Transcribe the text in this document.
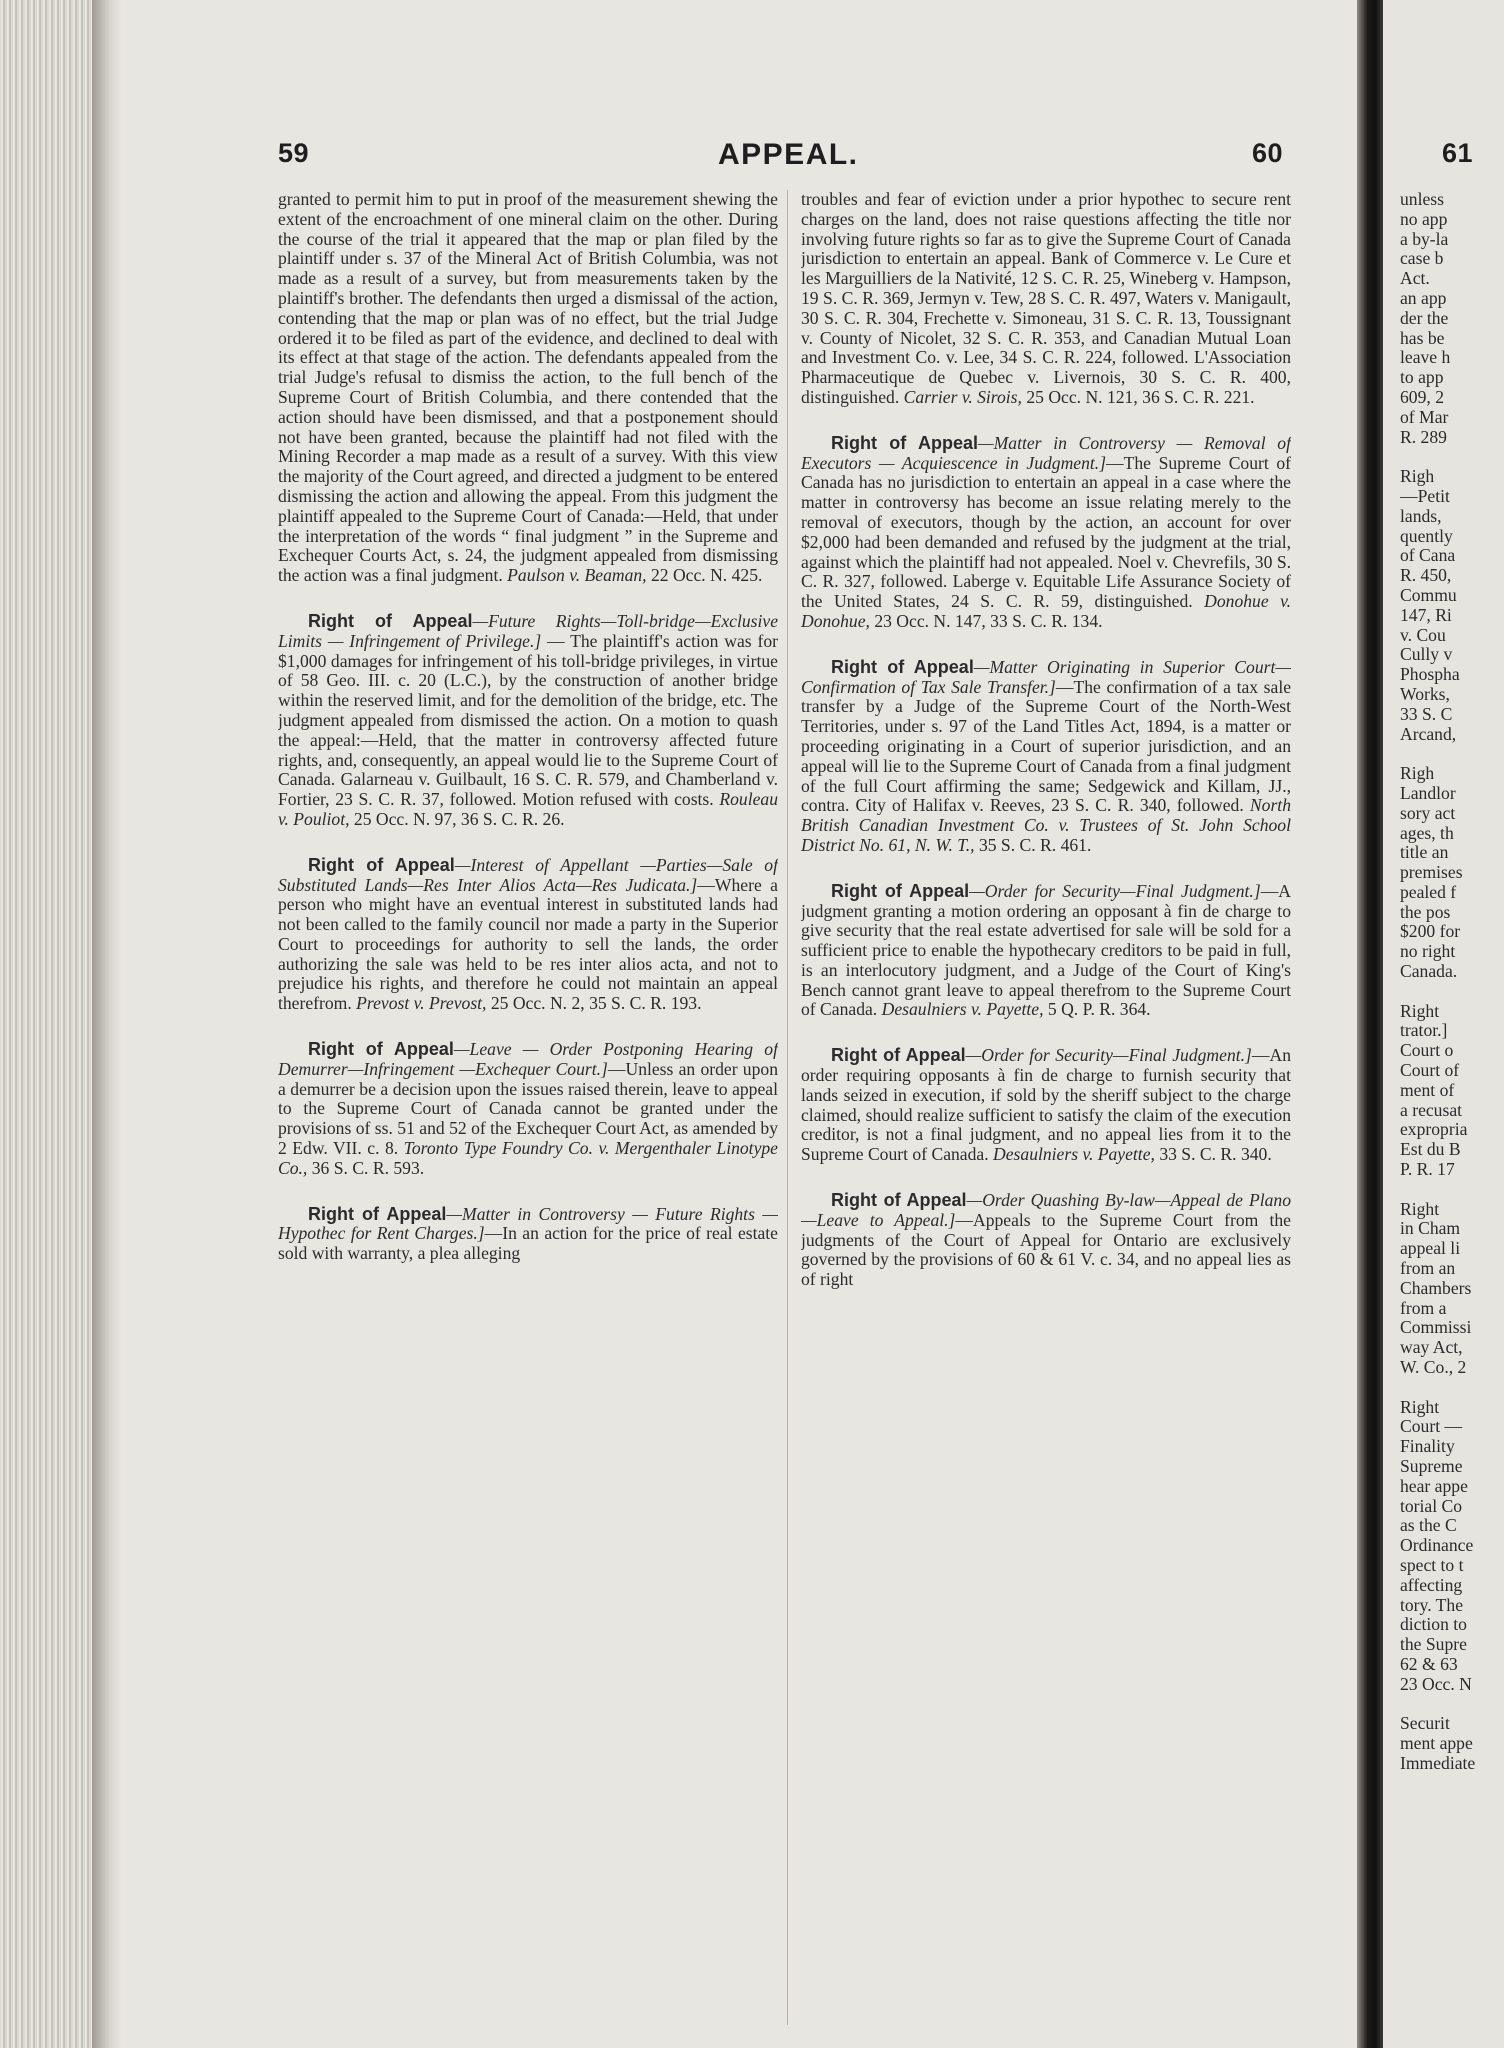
59	APPEAL.	60	61

granted to permit him to put in proof of the measurement shewing the extent of the encroachment of one mineral claim on the other. During the course of the trial it appeared that the map or plan filed by the plaintiff under s. 37 of the Mineral Act of British Columbia, was not made as a result of a survey, but from measurements taken by the plaintiff's brother. The defendants then urged a dismissal of the action, contending that the map or plan was of no effect, but the trial Judge ordered it to be filed as part of the evidence, and declined to deal with its effect at that stage of the action. The defendants appealed from the trial Judge's refusal to dismiss the action, to the full bench of the Supreme Court of British Columbia, and there contended that the action should have been dismissed, and that a postponement should not have been granted, because the plaintiff had not filed with the Mining Recorder a map made as a result of a survey. With this view the majority of the Court agreed, and directed a judgment to be entered dismissing the action and allowing the appeal. From this judgment the plaintiff appealed to the Supreme Court of Canada:—Held, that under the interpretation of the words “ final judgment ” in the Supreme and Exchequer Courts Act, s. 24, the judgment appealed from dismissing the action was a final judgment. Paulson v. Beaman, 22 Occ. N. 425.

Right of Appeal—Future Rights—Toll-bridge—Exclusive Limits — Infringement of Privilege.] — The plaintiff's action was for $1,000 damages for infringement of his toll-bridge privileges, in virtue of 58 Geo. III. c. 20 (L.C.), by the construction of another bridge within the reserved limit, and for the demolition of the bridge, etc. The judgment appealed from dismissed the action. On a motion to quash the appeal:—Held, that the matter in controversy affected future rights, and, consequently, an appeal would lie to the Supreme Court of Canada. Galarneau v. Guilbault, 16 S. C. R. 579, and Chamberland v. Fortier, 23 S. C. R. 37, followed. Motion refused with costs. Rouleau v. Pouliot, 25 Occ. N. 97, 36 S. C. R. 26.

Right of Appeal—Interest of Appellant —Parties—Sale of Substituted Lands—Res Inter Alios Acta—Res Judicata.]—Where a person who might have an eventual interest in substituted lands had not been called to the family council nor made a party in the Superior Court to proceedings for authority to sell the lands, the order authorizing the sale was held to be res inter alios acta, and not to prejudice his rights, and therefore he could not maintain an appeal therefrom. Prevost v. Prevost, 25 Occ. N. 2, 35 S. C. R. 193.

Right of Appeal—Leave — Order Postponing Hearing of Demurrer—Infringement —Exchequer Court.]—Unless an order upon a demurrer be a decision upon the issues raised therein, leave to appeal to the Supreme Court of Canada cannot be granted under the provisions of ss. 51 and 52 of the Exchequer Court Act, as amended by 2 Edw. VII. c. 8. Toronto Type Foundry Co. v. Mergenthaler Linotype Co., 36 S. C. R. 593.

Right of Appeal—Matter in Controversy — Future Rights — Hypothec for Rent Charges.]—In an action for the price of real estate sold with warranty, a plea alleging

troubles and fear of eviction under a prior hypothec to secure rent charges on the land, does not raise questions affecting the title nor involving future rights so far as to give the Supreme Court of Canada jurisdiction to entertain an appeal. Bank of Commerce v. Le Cure et les Marguilliers de la Nativité, 12 S. C. R. 25, Wineberg v. Hampson, 19 S. C. R. 369, Jermyn v. Tew, 28 S. C. R. 497, Waters v. Manigault, 30 S. C. R. 304, Frechette v. Simoneau, 31 S. C. R. 13, Toussignant v. County of Nicolet, 32 S. C. R. 353, and Canadian Mutual Loan and Investment Co. v. Lee, 34 S. C. R. 224, followed. L'Association Pharmaceutique de Quebec v. Livernois, 30 S. C. R. 400, distinguished. Carrier v. Sirois, 25 Occ. N. 121, 36 S. C. R. 221.

Right of Appeal—Matter in Controversy — Removal of Executors — Acquiescence in Judgment.]—The Supreme Court of Canada has no jurisdiction to entertain an appeal in a case where the matter in controversy has become an issue relating merely to the removal of executors, though by the action, an account for over $2,000 had been demanded and refused by the judgment at the trial, against which the plaintiff had not appealed. Noel v. Chevrefils, 30 S. C. R. 327, followed. Laberge v. Equitable Life Assurance Society of the United States, 24 S. C. R. 59, distinguished. Donohue v. Donohue, 23 Occ. N. 147, 33 S. C. R. 134.

Right of Appeal—Matter Originating in Superior Court—Confirmation of Tax Sale Transfer.]—The confirmation of a tax sale transfer by a Judge of the Supreme Court of the North-West Territories, under s. 97 of the Land Titles Act, 1894, is a matter or proceeding originating in a Court of superior jurisdiction, and an appeal will lie to the Supreme Court of Canada from a final judgment of the full Court affirming the same; Sedgewick and Killam, JJ., contra. City of Halifax v. Reeves, 23 S. C. R. 340, followed. North British Canadian Investment Co. v. Trustees of St. John School District No. 61, N. W. T., 35 S. C. R. 461.

Right of Appeal—Order for Security—Final Judgment.]—A judgment granting a motion ordering an opposant à fin de charge to give security that the real estate advertised for sale will be sold for a sufficient price to enable the hypothecary creditors to be paid in full, is an interlocutory judgment, and a Judge of the Court of King's Bench cannot grant leave to appeal therefrom to the Supreme Court of Canada. Desaulniers v. Payette, 5 Q. P. R. 364.

Right of Appeal—Order for Security—Final Judgment.]—An order requiring opposants à fin de charge to furnish security that lands seized in execution, if sold by the sheriff subject to the charge claimed, should realize sufficient to satisfy the claim of the execution creditor, is not a final judgment, and no appeal lies from it to the Supreme Court of Canada. Desaulniers v. Payette, 33 S. C. R. 340.

Right of Appeal—Order Quashing By-law—Appeal de Plano—Leave to Appeal.]—Appeals to the Supreme Court from the judgments of the Court of Appeal for Ontario are exclusively governed by the provisions of 60 & 61 V. c. 34, and no appeal lies as of right

unless
no app
a by-la
case b
Act.
an app
der the
has be
leave h
to app
609, 2
of Mar
R. 289

Righ
—Petit
lands,
quently
of Cana
R. 450,
Commu
147, Ri
v. Cou
Cully v
Phospha
Works,
33 S. C
Arcand,

Righ
Landlor
sory act
ages, th
title an
premises
pealed f
the pos
$200 for
no right
Canada.

Right
trator.]
Court o
Court of
ment of
a recusat
expropria
Est du B
P. R. 17

Right
in Cham
appeal li
from an
Chambers
from a
Commissi
way Act,
W. Co., 2

Right
Court —
Finality
Supreme
hear appe
torial Co
as the C
Ordinance
spect to t
affecting
tory. The
diction to
the Supre
62 & 63
23 Occ. N

Securit
ment appe
Immediate
